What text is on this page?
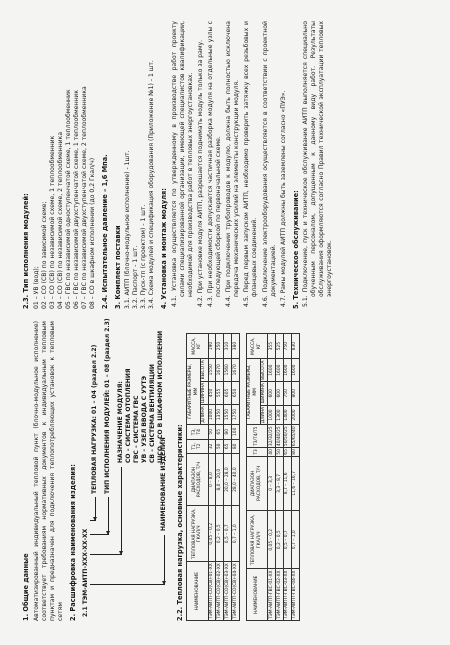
1. Общие данные Автоматизированный индивидуальный тепловой пункт (блочно-модульное исполнение) соответствует требованиям нормативных документов к индивидуальным тепловым пунктам и предназначен для подключения теплопотребляющих установок к тепловым сетям 2. Расшифровка наименования изделия: 2.1 ТЭМ-АИТП-ХХХ-ХХ-ХХ
ТЕПЛОВАЯ НАГРУЗКА: 01 – 04 (раздел 2.2) ТИП ИСПОЛНЕНИЯ МОДУЛЕЙ: 01 – 08 (раздел 2.3) НАЗНАЧЕНИЕ МОДУЛЯ: СО – СИСТЕМА ОТОПЛЕНИЯ ГВС – СИСТЕМА ГВС УВ – УЗЕЛ ВВОДА С УУТЭ СВ – СИСТЕМА ВЕНТИЛЯЦИИ ШСО – СО В ШКАФНОМ ИСПОЛНЕНИИ
НАИМЕНОВАНИЕ ИЗДЕЛИЯ 2.2. Тепловая нагрузка, основные характеристики:	НАИМЕНОВАНИЕ	ТЕПЛОВАЯ НАГРУЗКА, ГКАЛ/Ч	ДИАПАЗОН РАСХОДОВ, Т/Ч	Т1, Т2	Т3, Т4	ГАБАРИТНЫЕ РАЗМЕРЫ, ММ			МАССА, КГ
					ДЛИНА	ШИРИНА	ВЫСОТА	
ТЭМ-АИТП-СО(СВ)-01-ХХ	0,05 – 0,2	0 – 8,0	32	50	1000	450	1550	190
ТЭМ-АИТП-СО(СВ)-02-ХХ	0,2 – 0,5	8,0 – 20,0	50	65	1350	555	1670	250
ТЭМ-АИТП-СО(СВ)-03-ХХ	0,5 – 0,7	20,0 – 28,0	65	80	1550	605	1560	310
ТЭМ-АИТП-СО(СВ)-04-ХХ	0,7 – 1,0	28,0 – 40,0	80	100	1750	650	1670	380
НАИМЕНОВАНИЕ	ТЕПЛОВАЯ НАГРУЗКА, ГКАЛ/Ч	ДИАПАЗОН РАСХОДОВ, Т/Ч	Т3	Т3/Т4/Т5	ГАБАРИТНЫЕ РАЗМЕРЫ, ММ			МАССА, КГ
					ДЛИНА	ШИРИНА	ВЫСОТА	
ТЭМ-АИТП-ГВС-01-ХХ	0,05 – 0,2	0 – 3,3	40	32/32/25	1000	600	1600	355
ТЭМ-АИТП-ГВС-02-ХХ	0,2 – 0,5	3,3 – 8,7	50	40/40/25	1300	600	1600	525
ТЭМ-АИТП-ГВС-03-ХХ	0,5 – 0,7	8,7 – 11,6	65	50/50/25	1400	750	1600	750
ТЭМ-АИТП-ГВС-04-ХХ	0,7 – 1,0	11,6 – 16,7	80	65/65/40	2000	800	1600	830
2.3. Тип исполнения модулей: 01 – УВ (вод); 02 – СО (СВ) по зависимой схеме; 03 – СО (СВ) по независимой схеме, 1 теплообменник 04 – СО (СВ) по независимой схеме, 2 теплообменника 05 – ГВС по независимой одноступенчатой схеме, 1 теплообменник 06 – ГВС по независимой двухступенчатой схеме, 1 теплообменник 07 – ГВС по независимой двухступенчатой схеме, 2 теплообменника 08 – СО в шкафном исполнении (до 0,2 Гкал/ч) 2.4. Испытательное давление – 1,6 Мпа. 3. Комплект поставки 3.1. АИТП (блочно-модульное исполнение) - 1шт. 3.2. Паспорт - 1 шт. 3.3. Пуск-тп (с проектом) - 1 шт. 3.4. Схема модулей и спецификация оборудования (Приложение №1) - 1 шт. 4. Установка и монтаж модуля: 4.1. Установка осуществляется по утвержденному в производстве работ проекту силами специализированной организации, имеющей специалистов квалификации, необходимой для производства работ в тепловых энергоустановках. 4.2. При установке модуля АИТП, разрешается поднимать модуль только за раму. 4.3. При необходимости допускается частичная разборка модуля на отдельные узлы с последующей сборкой по первоначальной схеме. 4.4. При подключении трубопроводов к модулю, должна быть полностью исключена передача механических усилий на элементы конструкции модуля. 4.5. Перед первым запуском АИТП, необходимо проверить затяжку всех резьбовых и фланцевых соединений. 4.6. Подключение электрооборудования осуществляется в соответствии с проектной документацией. 4.7. Рамы модулей АИТП должны быть заземлены согласно «ПУЭ». 5. Техническое обслуживание: 5.1. Подключение, пуск и техническое обслуживание АИТП выполняется специально обученным персоналом, допущенным к данному виду работ. Результаты обслуживания оформляются согласно Правил технической эксплуатации тепловых энергоустановок.
